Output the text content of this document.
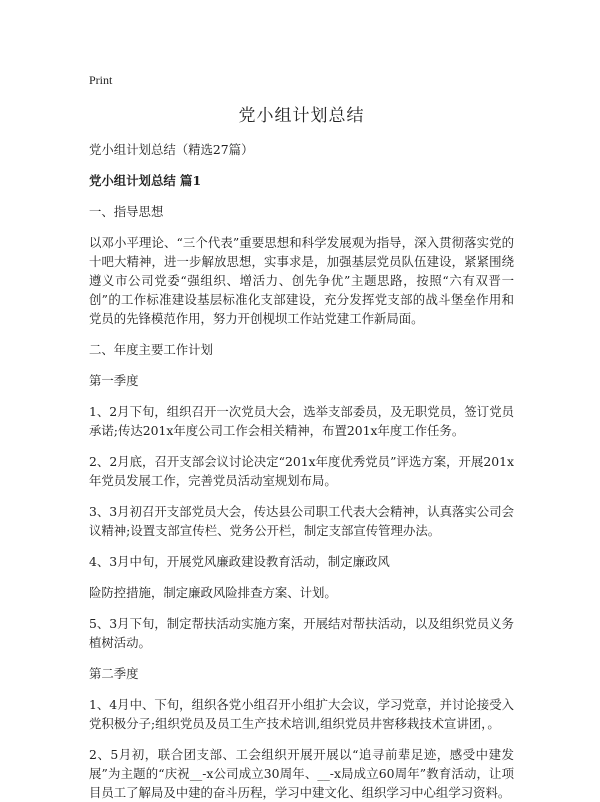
Print
党小组计划总结

党小组计划总结（精选27篇）

党小组计划总结 篇1

一、指导思想

以邓小平理论、“三个代表”重要思想和科学发展观为指导，深入贯彻落实党的十吧大精神，进一步解放思想，实事求是，加强基层党员队伍建设，紧紧围绕遵义市公司党委“强组织、增活力、创先争优”主题思路，按照“六有双晋一创”的工作标准建设基层标准化支部建设，充分发挥党支部的战斗堡垒作用和党员的先锋模范作用，努力开创枧坝工作站党建工作新局面。

二、年度主要工作计划

第一季度

1、2月下旬，组织召开一次党员大会，选举支部委员，及无职党员，签订党员承诺;传达201x年度公司工作会相关精神，布置201x年度工作任务。

2、2月底，召开支部会议讨论决定“201x年度优秀党员”评选方案，开展201x年党员发展工作，完善党员活动室规划布局。

3、3月初召开支部党员大会，传达县公司职工代表大会精神，认真落实公司会议精神;设置支部宣传栏、党务公开栏，制定支部宣传管理办法。

4、3月中旬，开展党风廉政建设教育活动，制定廉政风

险防控措施，制定廉政风险排查方案、计划。

5、3月下旬，制定帮扶活动实施方案，开展结对帮扶活动，以及组织党员义务植树活动。

第二季度

1、4月中、下旬，组织各党小组召开小组扩大会议，学习党章，并讨论接受入党积极分子;组织党员及员工生产技术培训,组织党员井窖移栽技术宣讲团，。

2、5月初，联合团支部、工会组织开展开展以“追寻前辈足迹，感受中建发展”为主题的“庆祝__-x公司成立30周年、__-x局成立60周年”教育活动，让项目员工了解局及中建的奋斗历程，学习中建文化、组织学习中心组学习资料。
